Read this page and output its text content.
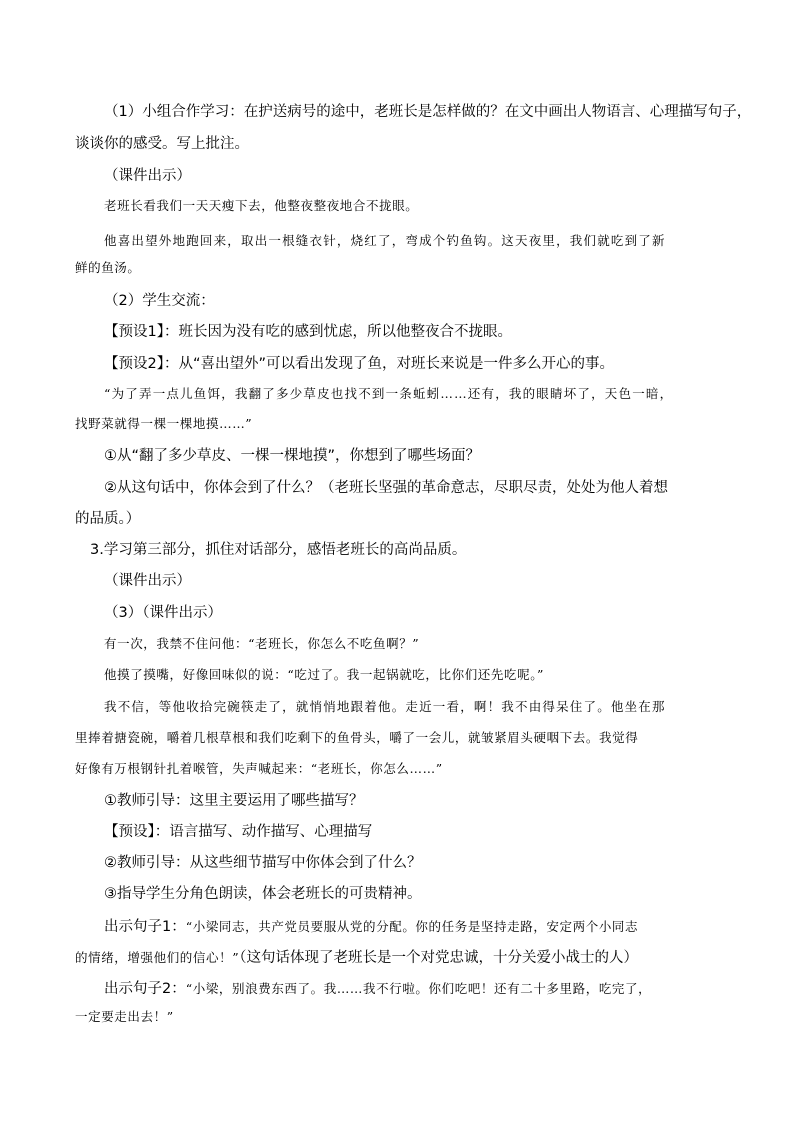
（1）小组合作学习：在护送病号的途中，老班长是怎样做的？在文中画出人物语言、心理描写句子，
谈谈你的感受。写上批注。
（课件出示）
老班长看我们一天天瘦下去，他整夜整夜地合不拢眼。
他喜出望外地跑回来，取出一根缝衣针，烧红了，弯成个钓鱼钩。这天夜里，我们就吃到了新
鲜的鱼汤。
（2）学生交流：
【预设1】：班长因为没有吃的感到忧虑，所以他整夜合不拢眼。
【预设2】：从“喜出望外”可以看出发现了鱼，对班长来说是一件多么开心的事。
“为了弄一点儿鱼饵，我翻了多少草皮也找不到一条蚯蚓……还有，我的眼睛坏了，天色一暗，
找野菜就得一棵一棵地摸……”
①从“翻了多少草皮、一棵一棵地摸”，你想到了哪些场面？
②从这句话中，你体会到了什么？（老班长坚强的革命意志，尽职尽责，处处为他人着想
的品质。）
3.学习第三部分，抓住对话部分，感悟老班长的高尚品质。
（课件出示）
（3）（课件出示）
有一次，我禁不住问他：“老班长，你怎么不吃鱼啊？”
他摸了摸嘴，好像回味似的说：“吃过了。我一起锅就吃，比你们还先吃呢。”
我不信，等他收拾完碗筷走了，就悄悄地跟着他。走近一看，啊！我不由得呆住了。他坐在那
里捧着搪瓷碗，嚼着几根草根和我们吃剩下的鱼骨头，嚼了一会儿，就皱紧眉头硬咽下去。我觉得
好像有万根钢针扎着喉管，失声喊起来：“老班长，你怎么……”
①教师引导：这里主要运用了哪些描写？
【预设】：语言描写、动作描写、心理描写
②教师引导：从这些细节描写中你体会到了什么？
③指导学生分角色朗读，体会老班长的可贵精神。
出示句子1：“小梁同志，共产党员要服从党的分配。你的任务是坚持走路，安定两个小同志
的情绪，增强他们的信心！”（这句话体现了老班长是一个对党忠诚，十分关爱小战士的人）
出示句子2：“小梁，别浪费东西了。我……我不行啦。你们吃吧！还有二十多里路，吃完了，
一定要走出去！”
